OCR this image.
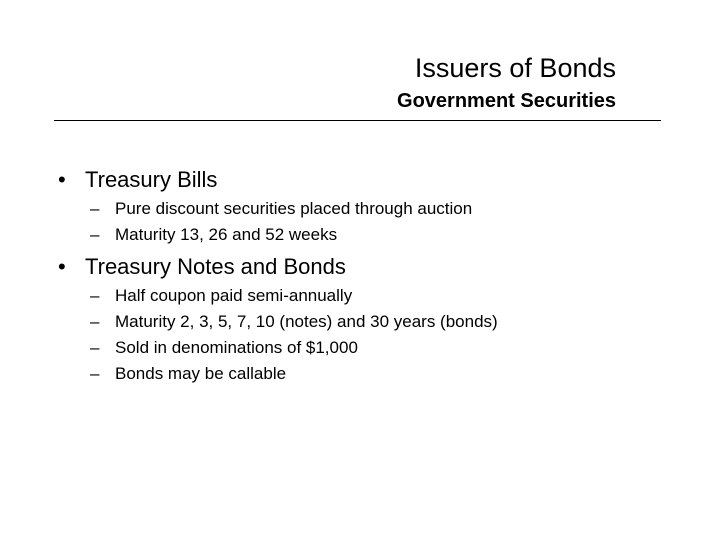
Issuers of Bonds
Government Securities
• Treasury Bills
– Pure discount securities placed through auction
– Maturity 13, 26 and 52 weeks
• Treasury Notes and Bonds
– Half coupon paid semi-annually
– Maturity 2, 3, 5, 7, 10 (notes) and 30 years (bonds)
– Sold in denominations of $1,000
– Bonds may be callable
